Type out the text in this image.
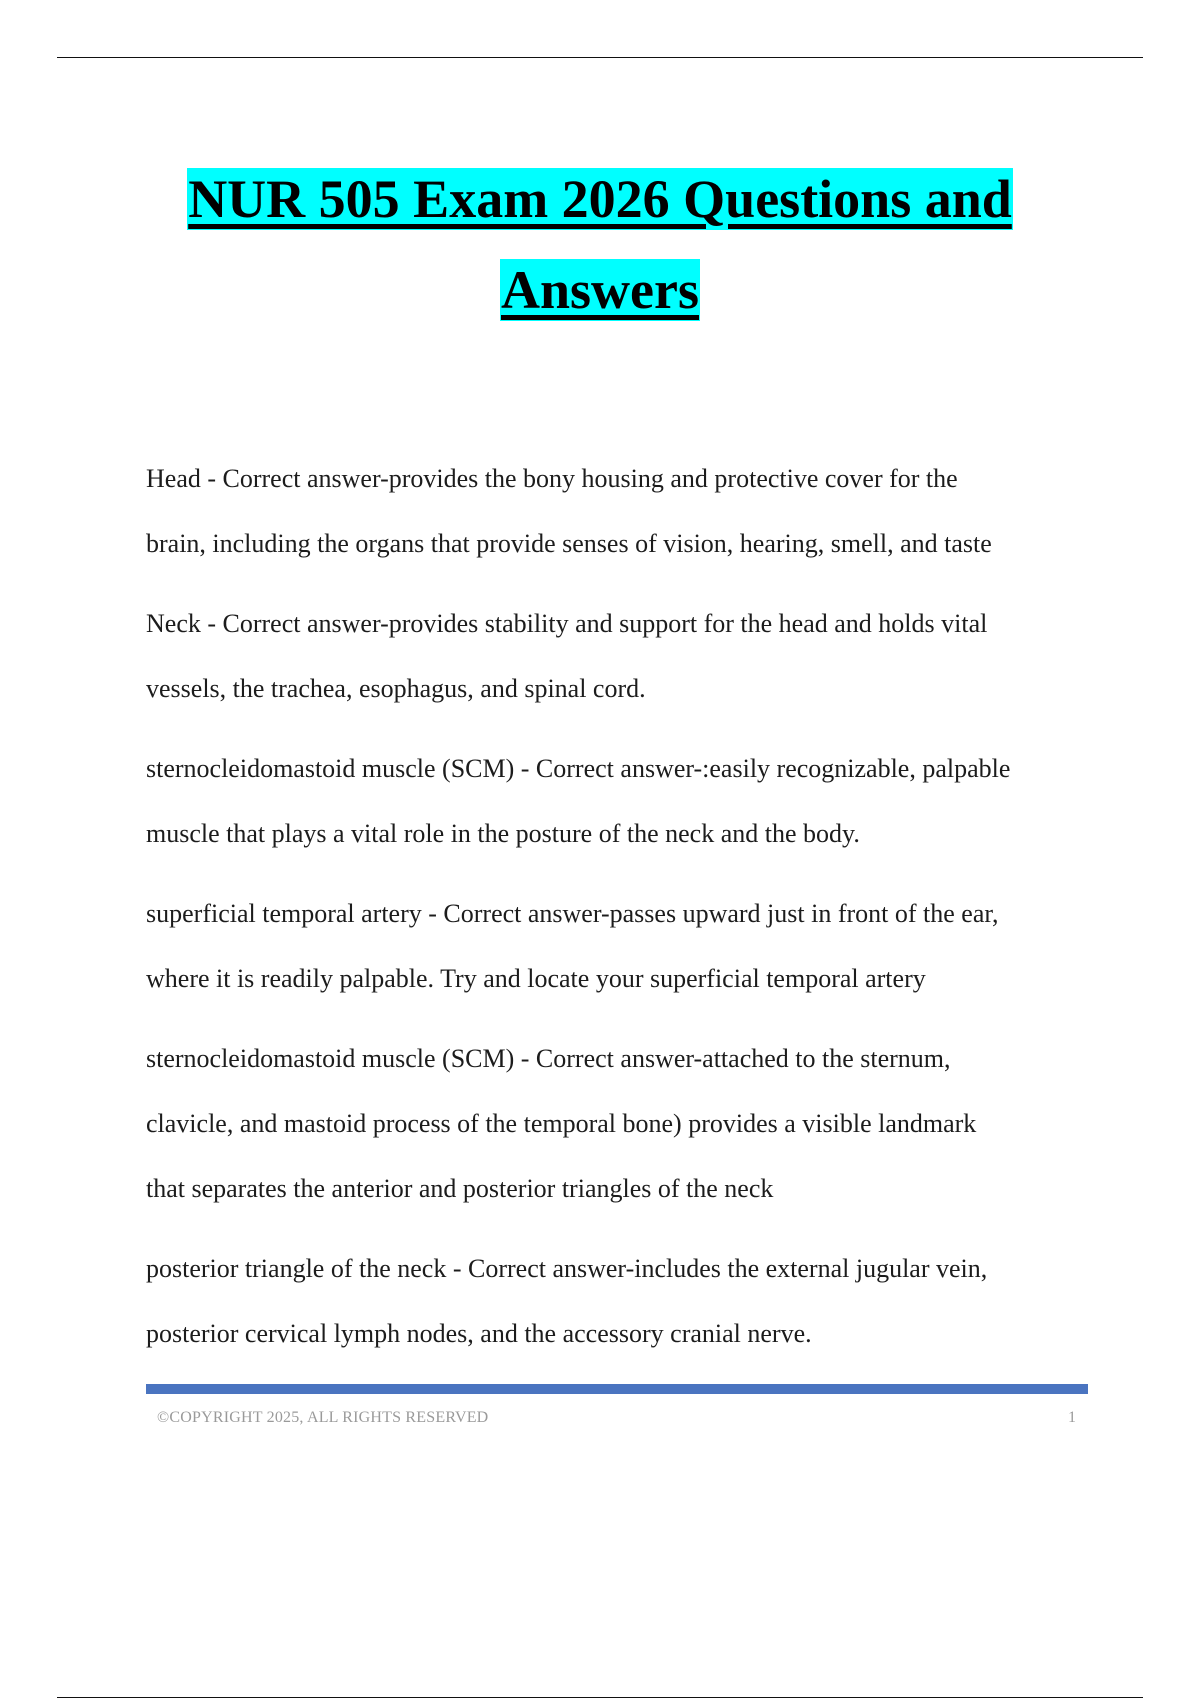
NUR 505 Exam 2026 Questions and
Answers

Head - Correct answer-provides the bony housing and protective cover for the
brain, including the organs that provide senses of vision, hearing, smell, and taste

Neck - Correct answer-provides stability and support for the head and holds vital
vessels, the trachea, esophagus, and spinal cord.

sternocleidomastoid muscle (SCM) - Correct answer-:easily recognizable, palpable
muscle that plays a vital role in the posture of the neck and the body.

superficial temporal artery - Correct answer-passes upward just in front of the ear,
where it is readily palpable. Try and locate your superficial temporal artery

sternocleidomastoid muscle (SCM) - Correct answer-attached to the sternum,
clavicle, and mastoid process of the temporal bone) provides a visible landmark
that separates the anterior and posterior triangles of the neck

posterior triangle of the neck - Correct answer-includes the external jugular vein,
posterior cervical lymph nodes, and the accessory cranial nerve.

©COPYRIGHT 2025, ALL RIGHTS RESERVED	1
